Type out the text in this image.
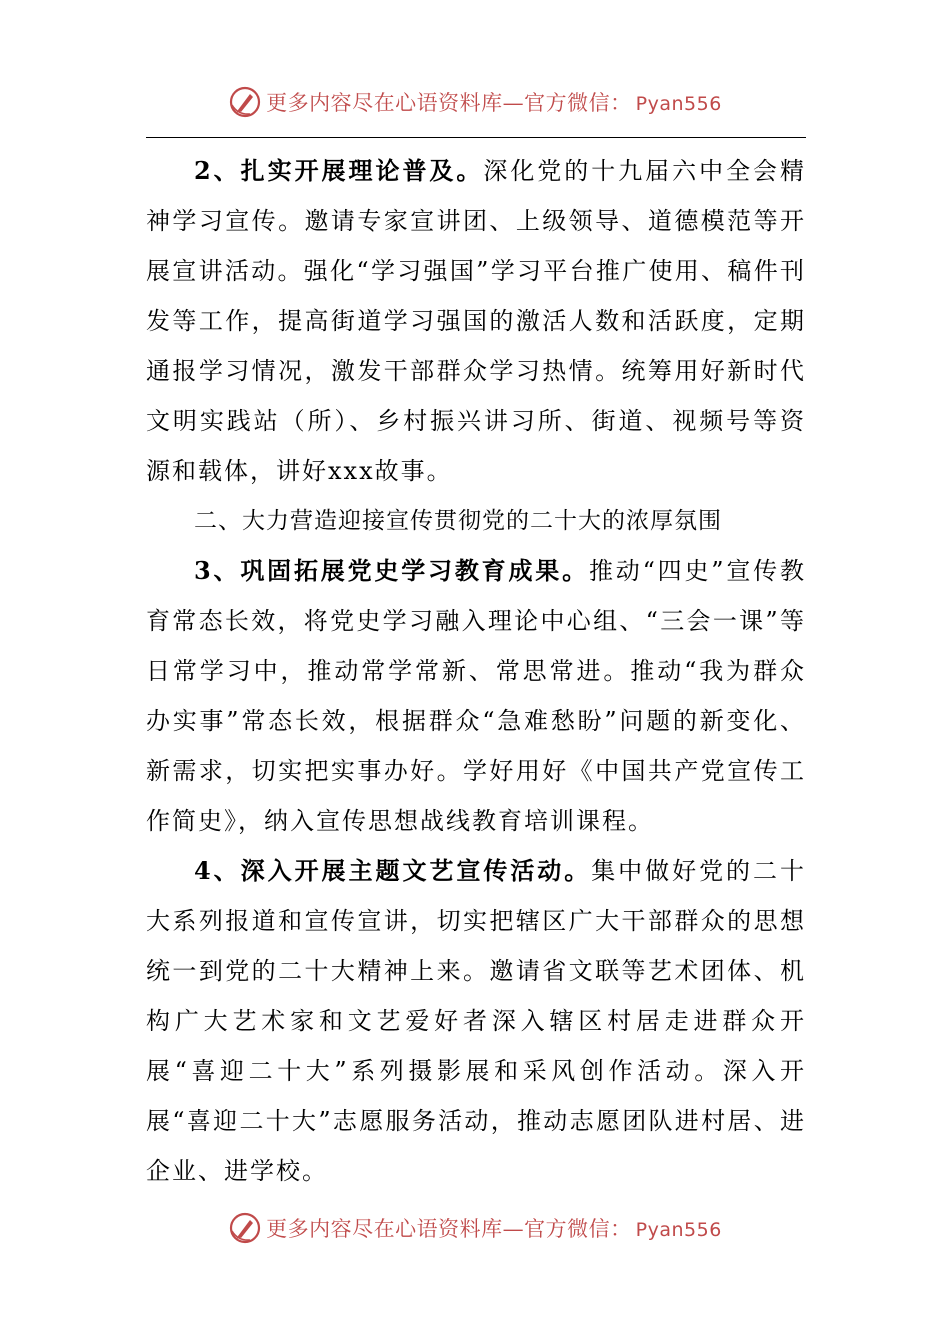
更多内容尽在心语资料库—官方微信： Pyan556

2、扎实开展理论普及。深化党的十九届六中全会精神学习宣传。邀请专家宣讲团、上级领导、道德模范等开展宣讲活动。强化“学习强国”学习平台推广使用、稿件刊发等工作，提高街道学习强国的激活人数和活跃度，定期通报学习情况，激发干部群众学习热情。统筹用好新时代文明实践站（所）、乡村振兴讲习所、街道、视频号等资源和载体，讲好xxx故事。

二、大力营造迎接宣传贯彻党的二十大的浓厚氛围

3、巩固拓展党史学习教育成果。推动“四史”宣传教育常态长效，将党史学习融入理论中心组、“三会一课”等日常学习中，推动常学常新、常思常进。推动“我为群众办实事”常态长效，根据群众“急难愁盼”问题的新变化、新需求，切实把实事办好。学好用好《中国共产党宣传工作简史》，纳入宣传思想战线教育培训课程。

4、深入开展主题文艺宣传活动。集中做好党的二十大系列报道和宣传宣讲，切实把辖区广大干部群众的思想统一到党的二十大精神上来。邀请省文联等艺术团体、机构广大艺术家和文艺爱好者深入辖区村居走进群众开展“喜迎二十大”系列摄影展和采风创作活动。深入开展“喜迎二十大”志愿服务活动，推动志愿团队进村居、进企业、进学校。

更多内容尽在心语资料库—官方微信： Pyan556
